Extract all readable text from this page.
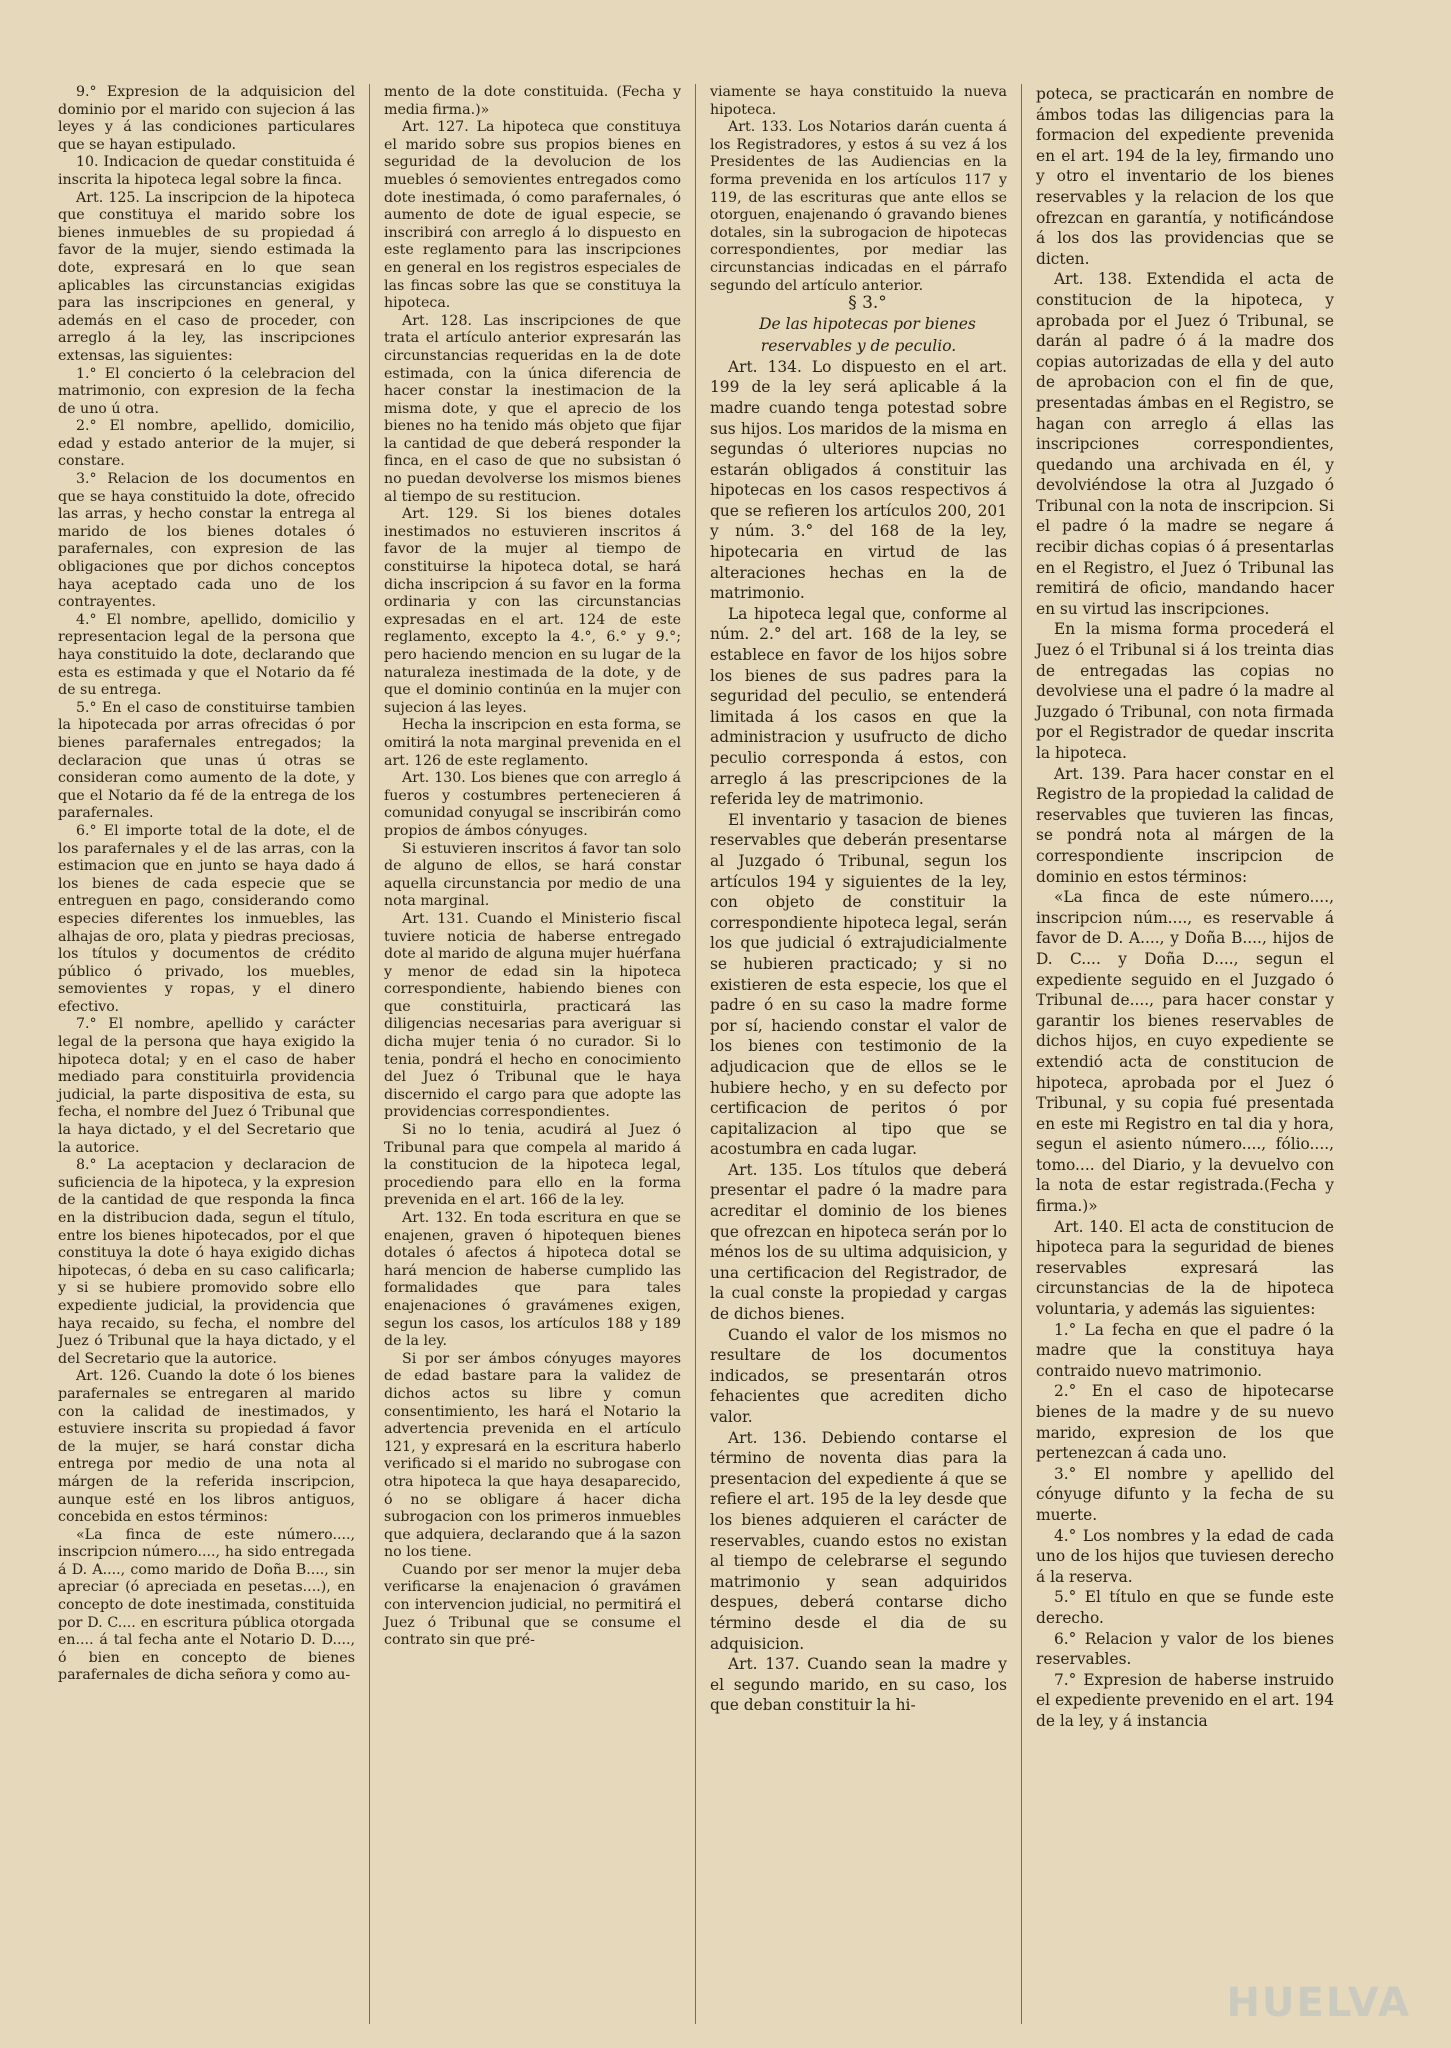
9.° Expresion de la adquisicion del dominio por el marido con sujecion á las leyes y á las condiciones particulares que se hayan estipulado.

10. Indicacion de quedar constituida é inscrita la hipoteca legal sobre la finca.

Art. 125. La inscripcion de la hipoteca que constituya el marido sobre los bienes inmuebles de su propiedad á favor de la mujer, siendo estimada la dote, expresará en lo que sean aplicables las circunstancias exigidas para las inscripciones en general, y además en el caso de proceder, con arreglo á la ley, las inscripciones extensas, las siguientes:

1.° El concierto ó la celebracion del matrimonio, con expresion de la fecha de uno ú otra.

2.° El nombre, apellido, domicilio, edad y estado anterior de la mujer, si constare.

3.° Relacion de los documentos en que se haya constituido la dote, ofrecido las arras, y hecho constar la entrega al marido de los bienes dotales ó parafernales, con expresion de las obligaciones que por dichos conceptos haya aceptado cada uno de los contrayentes.

4.° El nombre, apellido, domicilio y representacion legal de la persona que haya constituido la dote, declarando que esta es estimada y que el Notario da fé de su entrega.

5.° En el caso de constituirse tambien la hipotecada por arras ofrecidas ó por bienes parafernales entregados; la declaracion que unas ú otras se consideran como aumento de la dote, y que el Notario da fé de la entrega de los parafernales.

6.° El importe total de la dote, el de los parafernales y el de las arras, con la estimacion que en junto se haya dado á los bienes de cada especie que se entreguen en pago, considerando como especies diferentes los inmuebles, las alhajas de oro, plata y piedras preciosas, los títulos y documentos de crédito público ó privado, los muebles, semovientes y ropas, y el dinero efectivo.

7.° El nombre, apellido y carácter legal de la persona que haya exigido la hipoteca dotal; y en el caso de haber mediado para constituirla providencia judicial, la parte dispositiva de esta, su fecha, el nombre del Juez ó Tribunal que la haya dictado, y el del Secretario que la autorice.

8.° La aceptacion y declaracion de suficiencia de la hipoteca, y la expresion de la cantidad de que responda la finca en la distribucion dada, segun el título, entre los bienes hipotecados, por el que constituya la dote ó haya exigido dichas hipotecas, ó deba en su caso calificarla; y si se hubiere promovido sobre ello expediente judicial, la providencia que haya recaido, su fecha, el nombre del Juez ó Tribunal que la haya dictado, y el del Secretario que la autorice.

Art. 126. Cuando la dote ó los bienes parafernales se entregaren al marido con la calidad de inestimados, y estuviere inscrita su propiedad á favor de la mujer, se hará constar dicha entrega por medio de una nota al márgen de la referida inscripcion, aunque esté en los libros antiguos, concebida en estos términos:

«La finca de este número...., inscripcion número...., ha sido entregada á D. A...., como marido de Doña B...., sin apreciar (ó apreciada en pesetas....), en concepto de dote inestimada, constituida por D. C.... en escritura pública otorgada en.... á tal fecha ante el Notario D. D...., ó bien en concepto de bienes parafernales de dicha señora y como au-

mento de la dote constituida. (Fecha y media firma.)»

Art. 127. La hipoteca que constituya el marido sobre sus propios bienes en seguridad de la devolucion de los muebles ó semovientes entregados como dote inestimada, ó como parafernales, ó aumento de dote de igual especie, se inscribirá con arreglo á lo dispuesto en este reglamento para las inscripciones en general en los registros especiales de las fincas sobre las que se constituya la hipoteca.

Art. 128. Las inscripciones de que trata el artículo anterior expresarán las circunstancias requeridas en la de dote estimada, con la única diferencia de hacer constar la inestimacion de la misma dote, y que el aprecio de los bienes no ha tenido más objeto que fijar la cantidad de que deberá responder la finca, en el caso de que no subsistan ó no puedan devolverse los mismos bienes al tiempo de su restitucion.

Art. 129. Si los bienes dotales inestimados no estuvieren inscritos á favor de la mujer al tiempo de constituirse la hipoteca dotal, se hará dicha inscripcion á su favor en la forma ordinaria y con las circunstancias expresadas en el art. 124 de este reglamento, excepto la 4.°, 6.° y 9.°; pero haciendo mencion en su lugar de la naturaleza inestimada de la dote, y de que el dominio continúa en la mujer con sujecion á las leyes.

Hecha la inscripcion en esta forma, se omitirá la nota marginal prevenida en el art. 126 de este reglamento.

Art. 130. Los bienes que con arreglo á fueros y costumbres pertenecieren á comunidad conyugal se inscribirán como propios de ámbos cónyuges.

Si estuvieren inscritos á favor tan solo de alguno de ellos, se hará constar aquella circunstancia por medio de una nota marginal.

Art. 131. Cuando el Ministerio fiscal tuviere noticia de haberse entregado dote al marido de alguna mujer huérfana y menor de edad sin la hipoteca correspondiente, habiendo bienes con que constituirla, practicará las diligencias necesarias para averiguar si dicha mujer tenia ó no curador. Si lo tenia, pondrá el hecho en conocimiento del Juez ó Tribunal que le haya discernido el cargo para que adopte las providencias correspondientes.

Si no lo tenia, acudirá al Juez ó Tribunal para que compela al marido á la constitucion de la hipoteca legal, procediendo para ello en la forma prevenida en el art. 166 de la ley.

Art. 132. En toda escritura en que se enajenen, graven ó hipotequen bienes dotales ó afectos á hipoteca dotal se hará mencion de haberse cumplido las formalidades que para tales enajenaciones ó gravámenes exigen, segun los casos, los artículos 188 y 189 de la ley.

Si por ser ámbos cónyuges mayores de edad bastare para la validez de dichos actos su libre y comun consentimiento, les hará el Notario la advertencia prevenida en el artículo 121, y expresará en la escritura haberlo verificado si el marido no subrogase con otra hipoteca la que haya desaparecido, ó no se obligare á hacer dicha subrogacion con los primeros inmuebles que adquiera, declarando que á la sazon no los tiene.

Cuando por ser menor la mujer deba verificarse la enajenacion ó gravámen con intervencion judicial, no permitirá el Juez ó Tribunal que se consume el contrato sin que pré-

viamente se haya constituido la nueva hipoteca.

Art. 133. Los Notarios darán cuenta á los Registradores, y estos á su vez á los Presidentes de las Audiencias en la forma prevenida en los artículos 117 y 119, de las escrituras que ante ellos se otorguen, enajenando ó gravando bienes dotales, sin la subrogacion de hipotecas correspondientes, por mediar las circunstancias indicadas en el párrafo segundo del artículo anterior.

§ 3.°

De las hipotecas por bienes reservables y de peculio.

Art. 134. Lo dispuesto en el art. 199 de la ley será aplicable á la madre cuando tenga potestad sobre sus hijos. Los maridos de la misma en segundas ó ulteriores nupcias no estarán obligados á constituir las hipotecas en los casos respectivos á que se refieren los artículos 200, 201 y núm. 3.° del 168 de la ley, hipotecaria en virtud de las alteraciones hechas en la de matrimonio.

La hipoteca legal que, conforme al núm. 2.° del art. 168 de la ley, se establece en favor de los hijos sobre los bienes de sus padres para la seguridad del peculio, se entenderá limitada á los casos en que la administracion y usufructo de dicho peculio corresponda á estos, con arreglo á las prescripciones de la referida ley de matrimonio.

El inventario y tasacion de bienes reservables que deberán presentarse al Juzgado ó Tribunal, segun los artículos 194 y siguientes de la ley, con objeto de constituir la correspondiente hipoteca legal, serán los que judicial ó extrajudicialmente se hubieren practicado; y si no existieren de esta especie, los que el padre ó en su caso la madre forme por sí, haciendo constar el valor de los bienes con testimonio de la adjudicacion que de ellos se le hubiere hecho, y en su defecto por certificacion de peritos ó por capitalizacion al tipo que se acostumbra en cada lugar.

Art. 135. Los títulos que deberá presentar el padre ó la madre para acreditar el dominio de los bienes que ofrezcan en hipoteca serán por lo ménos los de su ultima adquisicion, y una certificacion del Registrador, de la cual conste la propiedad y cargas de dichos bienes.

Cuando el valor de los mismos no resultare de los documentos indicados, se presentarán otros fehacientes que acrediten dicho valor.

Art. 136. Debiendo contarse el término de noventa dias para la presentacion del expediente á que se refiere el art. 195 de la ley desde que los bienes adquieren el carácter de reservables, cuando estos no existan al tiempo de celebrarse el segundo matrimonio y sean adquiridos despues, deberá contarse dicho término desde el dia de su adquisicion.

Art. 137. Cuando sean la madre y el segundo marido, en su caso, los que deban constituir la hi-

poteca, se practicarán en nombre de ámbos todas las diligencias para la formacion del expediente prevenida en el art. 194 de la ley, firmando uno y otro el inventario de los bienes reservables y la relacion de los que ofrezcan en garantía, y notificándose á los dos las providencias que se dicten.

Art. 138. Extendida el acta de constitucion de la hipoteca, y aprobada por el Juez ó Tribunal, se darán al padre ó á la madre dos copias autorizadas de ella y del auto de aprobacion con el fin de que, presentadas ámbas en el Registro, se hagan con arreglo á ellas las inscripciones correspondientes, quedando una archivada en él, y devolviéndose la otra al Juzgado ó Tribunal con la nota de inscripcion. Si el padre ó la madre se negare á recibir dichas copias ó á presentarlas en el Registro, el Juez ó Tribunal las remitirá de oficio, mandando hacer en su virtud las inscripciones.

En la misma forma procederá el Juez ó el Tribunal si á los treinta dias de entregadas las copias no devolviese una el padre ó la madre al Juzgado ó Tribunal, con nota firmada por el Registrador de quedar inscrita la hipoteca.

Art. 139. Para hacer constar en el Registro de la propiedad la calidad de reservables que tuvieren las fincas, se pondrá nota al márgen de la correspondiente inscripcion de dominio en estos términos:

«La finca de este número...., inscripcion núm...., es reservable á favor de D. A...., y Doña B...., hijos de D. C.... y Doña D...., segun el expediente seguido en el Juzgado ó Tribunal de...., para hacer constar y garantir los bienes reservables de dichos hijos, en cuyo expediente se extendió acta de constitucion de hipoteca, aprobada por el Juez ó Tribunal, y su copia fué presentada en este mi Registro en tal dia y hora, segun el asiento número...., fólio...., tomo.... del Diario, y la devuelvo con la nota de estar registrada.(Fecha y firma.)»

Art. 140. El acta de constitucion de hipoteca para la seguridad de bienes reservables expresará las circunstancias de la de hipoteca voluntaria, y además las siguientes:

1.° La fecha en que el padre ó la madre que la constituya haya contraido nuevo matrimonio.

2.° En el caso de hipotecarse bienes de la madre y de su nuevo marido, expresion de los que pertenezcan á cada uno.

3.° El nombre y apellido del cónyuge difunto y la fecha de su muerte.

4.° Los nombres y la edad de cada uno de los hijos que tuviesen derecho á la reserva.

5.° El título en que se funde este derecho.

6.° Relacion y valor de los bienes reservables.

7.° Expresion de haberse instruido el expediente prevenido en el art. 194 de la ley, y á instancia

HUELVA
